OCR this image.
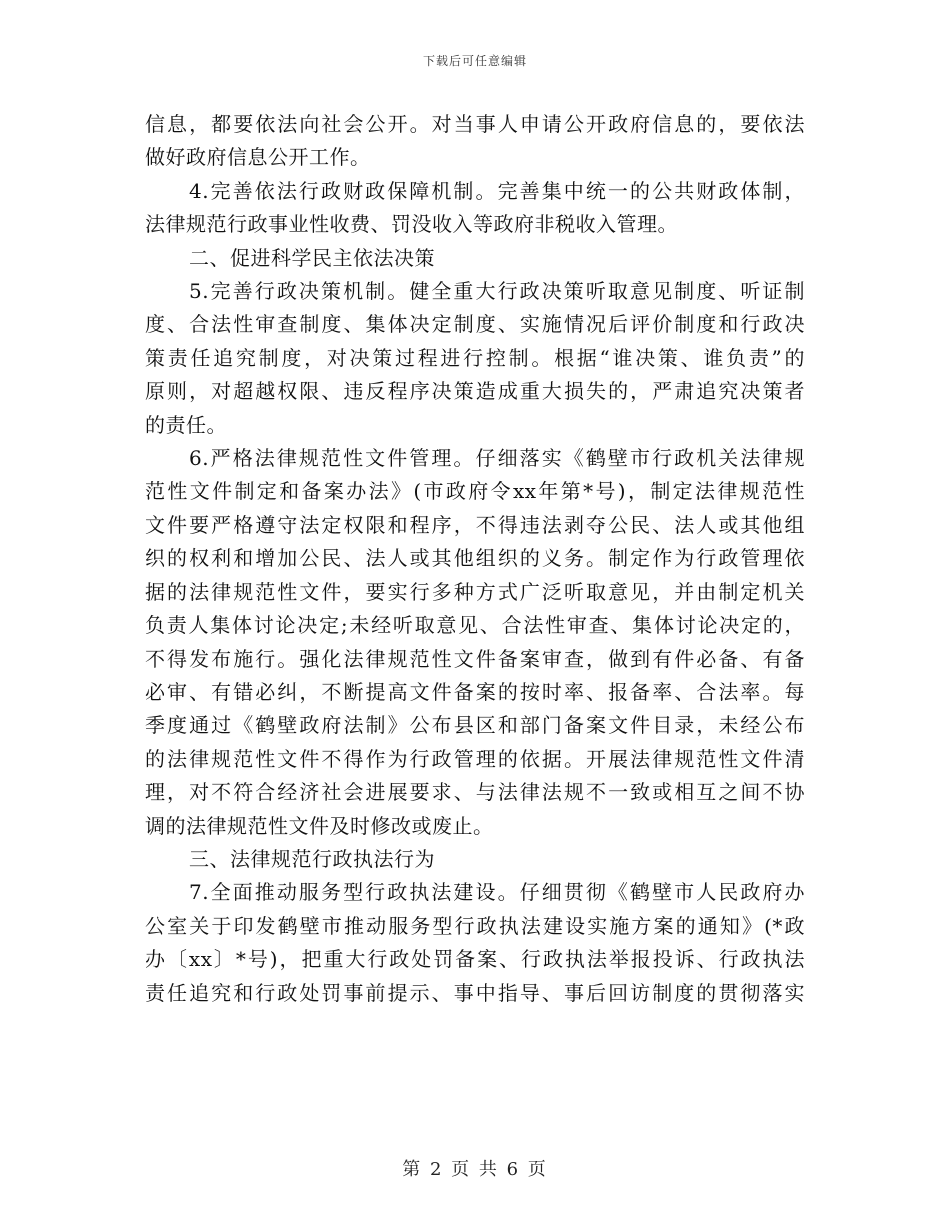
下载后可任意编辑
信息，都要依法向社会公开。对当事人申请公开政府信息的，要依法
做好政府信息公开工作。
4.完善依法行政财政保障机制。完善集中统一的公共财政体制，
法律规范行政事业性收费、罚没收入等政府非税收入管理。
二、促进科学民主依法决策
5.完善行政决策机制。健全重大行政决策听取意见制度、听证制
度、合法性审查制度、集体决定制度、实施情况后评价制度和行政决
策责任追究制度，对决策过程进行控制。根据“谁决策、谁负责”的
原则，对超越权限、违反程序决策造成重大损失的，严肃追究决策者
的责任。
6.严格法律规范性文件管理。仔细落实《鹤壁市行政机关法律规
范性文件制定和备案办法》(市政府令xx年第*号)，制定法律规范性
文件要严格遵守法定权限和程序，不得违法剥夺公民、法人或其他组
织的权利和增加公民、法人或其他组织的义务。制定作为行政管理依
据的法律规范性文件，要实行多种方式广泛听取意见，并由制定机关
负责人集体讨论决定;未经听取意见、合法性审查、集体讨论决定的，
不得发布施行。强化法律规范性文件备案审查，做到有件必备、有备
必审、有错必纠，不断提高文件备案的按时率、报备率、合法率。每
季度通过《鹤壁政府法制》公布县区和部门备案文件目录，未经公布
的法律规范性文件不得作为行政管理的依据。开展法律规范性文件清
理，对不符合经济社会进展要求、与法律法规不一致或相互之间不协
调的法律规范性文件及时修改或废止。
三、法律规范行政执法行为
7.全面推动服务型行政执法建设。仔细贯彻《鹤壁市人民政府办
公室关于印发鹤壁市推动服务型行政执法建设实施方案的通知》(*政
办〔xx〕*号)，把重大行政处罚备案、行政执法举报投诉、行政执法
责任追究和行政处罚事前提示、事中指导、事后回访制度的贯彻落实
第 2 页 共 6 页
